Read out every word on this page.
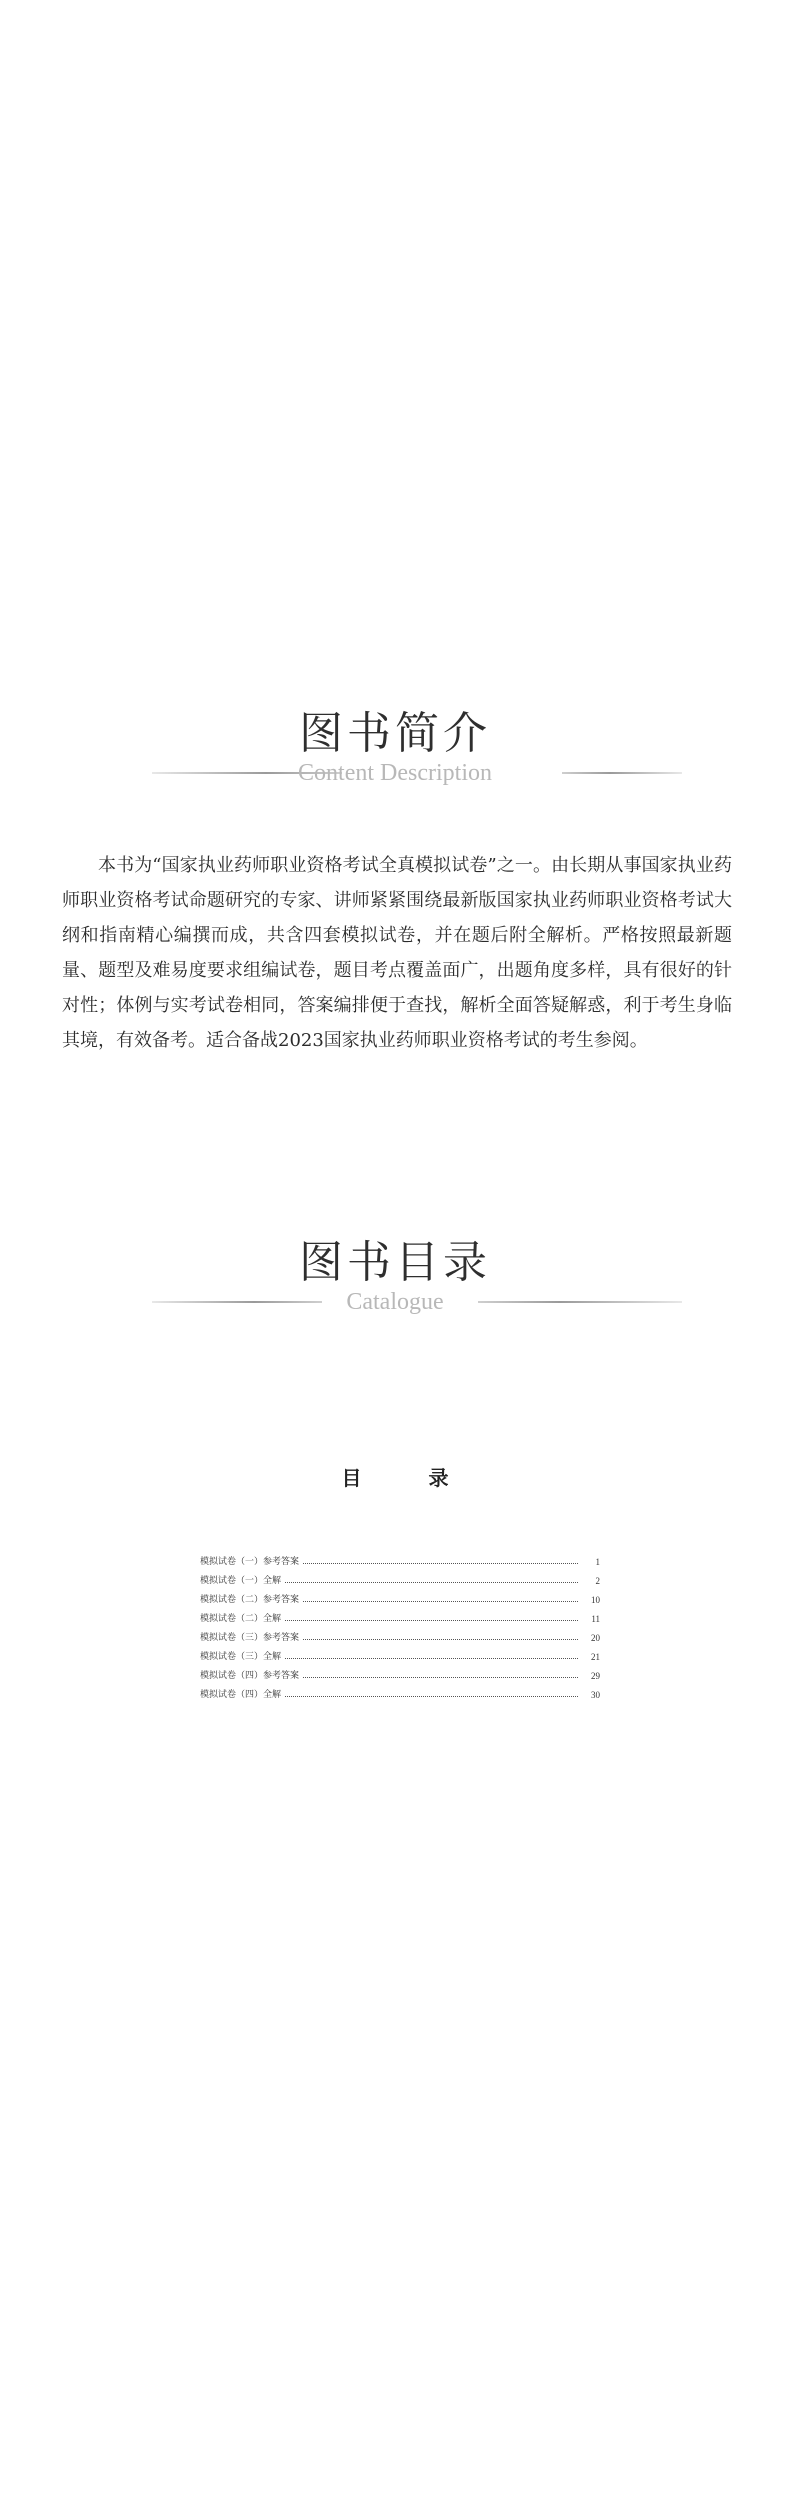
图书简介
Content Description

本书为“国家执业药师职业资格考试全真模拟试卷”之一。由长期从事国家执业药师职业资格考试命题研究的专家、讲师紧紧围绕最新版国家执业药师职业资格考试大纲和指南精心编撰而成，共含四套模拟试卷，并在题后附全解析。严格按照最新题量、题型及难易度要求组编试卷，题目考点覆盖面广，出题角度多样，具有很好的针对性；体例与实考试卷相同，答案编排便于查找，解析全面答疑解惑，利于考生身临其境，有效备考。适合备战2023国家执业药师职业资格考试的考生参阅。

图书目录
Catalogue
目 录
模拟试卷（一）参考答案	1
模拟试卷（一）全解	2
模拟试卷（二）参考答案	10
模拟试卷（二）全解	11
模拟试卷（三）参考答案	20
模拟试卷（三）全解	21
模拟试卷（四）参考答案	29
模拟试卷（四）全解	30
